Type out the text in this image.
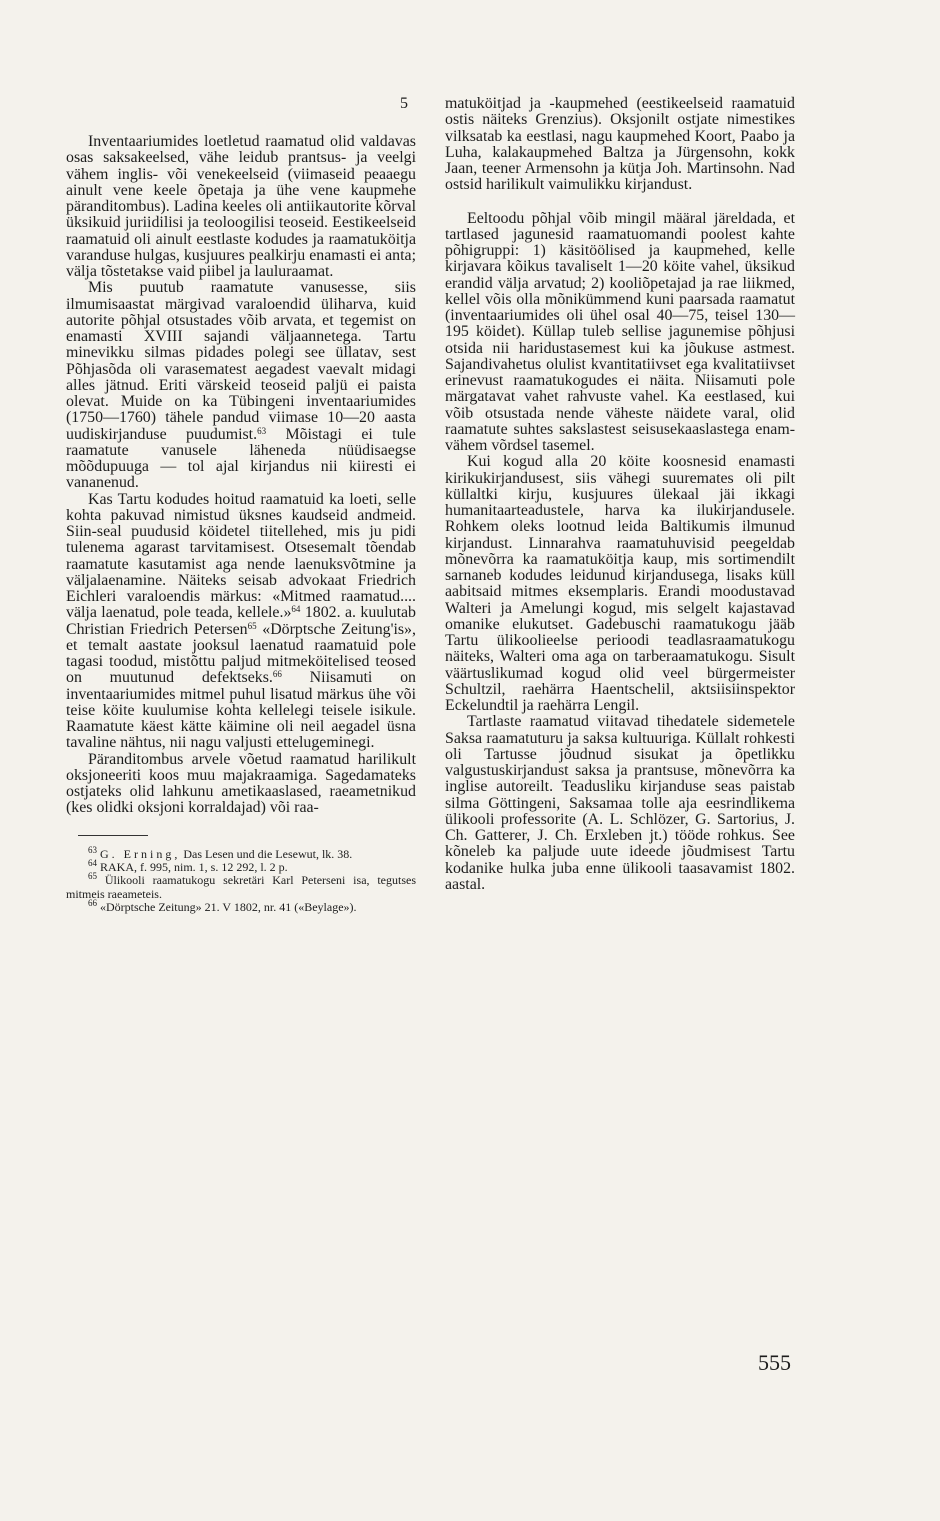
5

Inventaariumides loetletud raamatud olid valdavas osas saksakeelsed, vähe leidub prantsus- ja veelgi vähem inglis- või venekeelseid (viimaseid peaaegu ainult vene keele õpetaja ja ühe vene kaupmehe päranditombus). Ladina keeles oli antiikautorite kõrval üksikuid juriidilisi ja teoloogilisi teoseid. Eestikeelseid raamatuid oli ainult eestlaste kodudes ja raamatuköitja varanduse hulgas, kusjuures pealkirju enamasti ei anta; välja tõstetakse vaid piibel ja lauluraamat.

Mis puutub raamatute vanusesse, siis ilmumisaastat märgivad varaloendid üliharva, kuid autorite põhjal otsustades võib arvata, et tegemist on enamasti XVIII sajandi väljaannetega. Tartu minevikku silmas pidades polegi see üllatav, sest Põhjasõda oli varasematest aegadest vaevalt midagi alles jätnud. Eriti värskeid teoseid paljü ei paista olevat. Muide on ka Tübingeni inventaariumides (1750—1760) tähele pandud viimase 10—20 aasta uudiskirjanduse puudumist.$^{63}$ Mõistagi ei tule raamatute vanusele läheneda nüüdisaegse mõõdupuuga — tol ajal kirjandus nii kiiresti ei vananenud.

Kas Tartu kodudes hoitud raamatuid ka loeti, selle kohta pakuvad nimistud üksnes kaudseid andmeid. Siin-seal puudusid köidetel tiitellehed, mis ju pidi tulenema agarast tarvitamisest. Otsesemalt tõendab raamatute kasutamist aga nende laenuksvõtmine ja väljalaenamine. Näiteks seisab advokaat Friedrich Eichleri varaloendis märkus: «Mitmed raamatud.... välja laenatud, pole teada, kellele.»$^{64}$ 1802. a. kuulutab Christian Friedrich Petersen$^{65}$ «Dörptsche Zeitung'is», et temalt aastate jooksul laenatud raamatuid pole tagasi toodud, mistõttu paljud mitmeköitelised teosed on muutunud defektseks.$^{66}$ Niisamuti on inventaariumides mitmel puhul lisatud märkus ühe või teise köite kuulumise kohta kellelegi teisele isikule. Raamatute käest kätte käimine oli neil aegadel üsna tavaline nähtus, nii nagu valjusti ettelugeminegi.

Päranditombus arvele võetud raamatud harilikult oksjoneeriti koos muu majakraamiga. Sagedamateks ostjateks olid lahkunu ametikaaslased, raeametnikud (kes olidki oksjoni korraldajad) või raa-

$^{63}$ G. Erning, Das Lesen und die Lesewut, lk. 38.

$^{64}$ RAKA, f. 995, nim. 1, s. 12 292, l. 2 p.

$^{65}$ Ülikooli raamatukogu sekretäri Karl Peterseni isa, tegutses mitmeis raeameteis.

$^{66}$ «Dörptsche Zeitung» 21. V 1802, nr. 41 («Beylage»).

matuköitjad ja -kaupmehed (eestikeelseid raamatuid ostis näiteks Grenzius). Oksjonilt ostjate nimestikes vilksatab ka eestlasi, nagu kaupmehed Koort, Paabo ja Luha, kalakaupmehed Baltza ja Jürgensohn, kokk Jaan, teener Armensohn ja kütja Joh. Martinsohn. Nad ostsid harilikult vaimulikku kirjandust.

Eeltoodu põhjal võib mingil määral järeldada, et tartlased jagunesid raamatuomandi poolest kahte põhigruppi: 1) käsitöölised ja kaupmehed, kelle kirjavara kõikus tavaliselt 1—20 köite vahel, üksikud erandid välja arvatud; 2) kooliõpetajad ja rae liikmed, kellel võis olla mõnikümmend kuni paarsada raamatut (inventaariumides oli ühel osal 40—75, teisel 130—195 köidet). Küllap tuleb sellise jagunemise põhjusi otsida nii haridustasemest kui ka jõukuse astmest. Sajandivahetus olulist kvantitatiivset ega kvalitatiivset erinevust raamatukogudes ei näita. Niisamuti pole märgatavat vahet rahvuste vahel. Ka eestlased, kui võib otsustada nende väheste näidete varal, olid raamatute suhtes sakslastest seisusekaaslastega enam-vähem võrdsel tasemel.

Kui kogud alla 20 köite koosnesid enamasti kirikukirjandusest, siis vähegi suuremates oli pilt küllaltki kirju, kusjuures ülekaal jäi ikkagi humanitaarteadustele, harva ka ilukirjandusele. Rohkem oleks lootnud leida Baltikumis ilmunud kirjandust. Linnarahva raamatuhuvisid peegeldab mõnevõrra ka raamatuköitja kaup, mis sortimendilt sarnaneb kodudes leidunud kirjandusega, lisaks küll aabitsaid mitmes eksemplaris. Erandi moodustavad Walteri ja Amelungi kogud, mis selgelt kajastavad omanike elukutset. Gadebuschi raamatukogu jääb Tartu ülikoolieelse perioodi teadlasraamatukogu näiteks, Walteri oma aga on tarberaamatukogu. Sisult väärtuslikumad kogud olid veel bürgermeister Schultzil, raehärra Haentschelil, aktsiisiinspektor Eckelundtil ja raehärra Lengil.

Tartlaste raamatud viitavad tihedatele sidemetele Saksa raamatuturu ja saksa kultuuriga. Küllalt rohkesti oli Tartusse jõudnud sisukat ja õpetlikku valgustuskirjandust saksa ja prantsuse, mõnevõrra ka inglise autoreilt. Teadusliku kirjanduse seas paistab silma Göttingeni, Saksamaa tolle aja eesrindlikema ülikooli professorite (A. L. Schlözer, G. Sartorius, J. Ch. Gatterer, J. Ch. Erxleben jt.) tööde rohkus. See kõneleb ka paljude uute ideede jõudmisest Tartu kodanike hulka juba enne ülikooli taasavamist 1802. aastal.

555
